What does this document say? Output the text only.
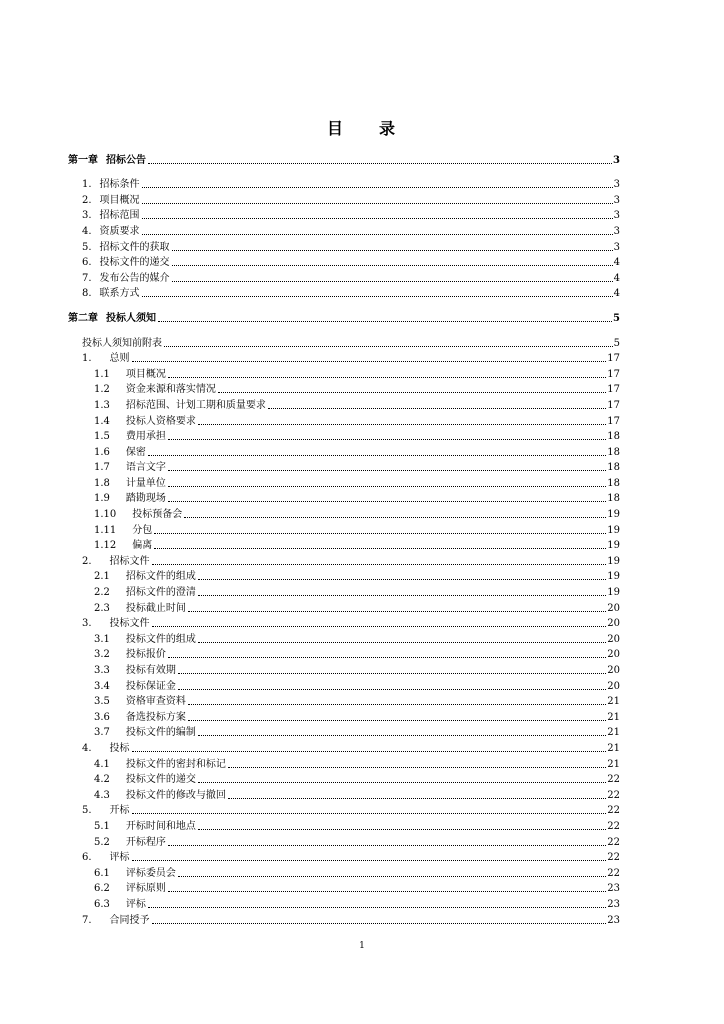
目 录
第一章 招标公告	3
1. 招标条件	3
2. 项目概况	3
3. 招标范围	3
4. 资质要求	3
5. 招标文件的获取	3
6. 投标文件的递交	4
7. 发布公告的媒介	4
8. 联系方式	4
第二章 投标人须知	5
投标人须知前附表	5
1. 总则	17
1.1 项目概况	17
1.2 资金来源和落实情况	17
1.3 招标范围、计划工期和质量要求	17
1.4 投标人资格要求	17
1.5 费用承担	18
1.6 保密	18
1.7 语言文字	18
1.8 计量单位	18
1.9 踏勘现场	18
1.10 投标预备会	19
1.11 分包	19
1.12 偏离	19
2. 招标文件	19
2.1 招标文件的组成	19
2.2 招标文件的澄清	19
2.3 投标截止时间	20
3. 投标文件	20
3.1 投标文件的组成	20
3.2 投标报价	20
3.3 投标有效期	20
3.4 投标保证金	20
3.5 资格审查资料	21
3.6 备选投标方案	21
3.7 投标文件的编制	21
4. 投标	21
4.1 投标文件的密封和标记	21
4.2 投标文件的递交	22
4.3 投标文件的修改与撤回	22
5. 开标	22
5.1 开标时间和地点	22
5.2 开标程序	22
6. 评标	22
6.1 评标委员会	22
6.2 评标原则	23
6.3 评标	23
7. 合同授予	23
1
